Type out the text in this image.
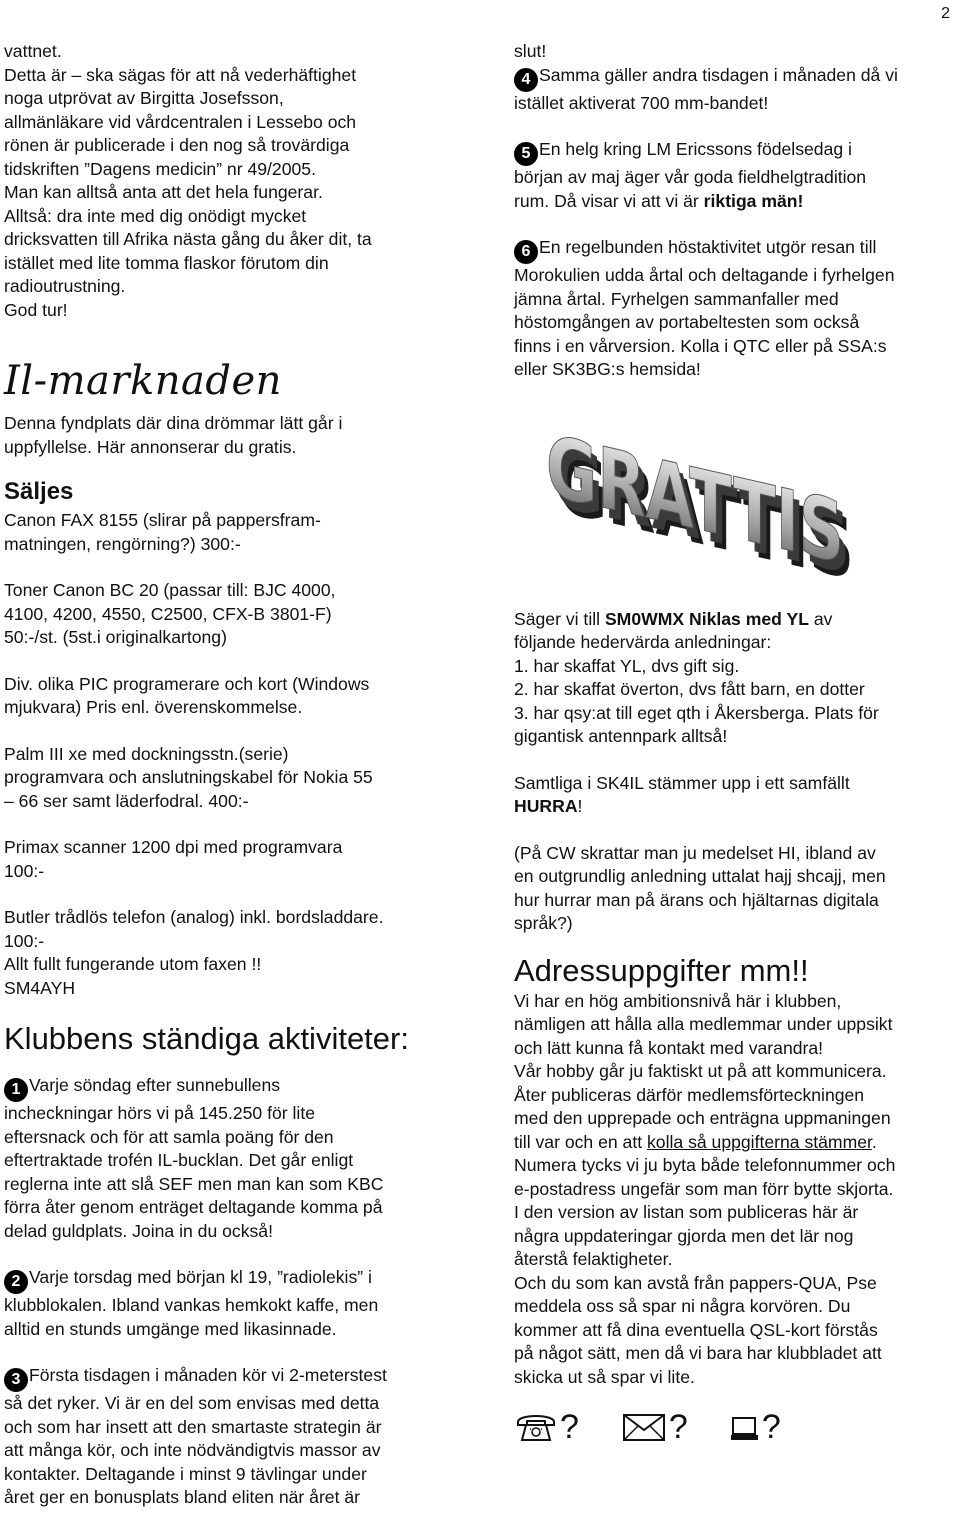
2

vattnet.

Detta är – ska sägas för att nå vederhäftighet

noga utprövat av Birgitta Josefsson,

allmänläkare vid vårdcentralen i Lessebo och

rönen är publicerade i den nog så trovärdiga

tidskriften ”Dagens medicin” nr 49/2005.

Man kan alltså anta att det hela fungerar.

Alltså: dra inte med dig onödigt mycket

dricksvatten till Afrika nästa gång du åker dit, ta

istället med lite tomma flaskor förutom din

radioutrustning.

God tur!

Il-marknaden

Denna fyndplats där dina drömmar lätt går i

uppfyllelse. Här annonserar du gratis.

Säljes

Canon FAX 8155 (slirar på pappersfram-

matningen, rengörning?) 300:-

Toner Canon BC 20 (passar till: BJC 4000,

4100, 4200, 4550, C2500, CFX-B 3801-F)

50:-/st. (5st.i originalkartong)

Div. olika PIC programerare och kort (Windows

mjukvara) Pris enl. överenskommelse.

Palm III xe med dockningsstn.(serie)

programvara och anslutningskabel för Nokia 55

– 66 ser samt läderfodral. 400:-

Primax scanner 1200 dpi med programvara

100:-

Butler trådlös telefon (analog) inkl. bordsladdare.

100:-

Allt fullt fungerande utom faxen !!

SM4AYH

Klubbens ständiga aktiviteter:

1 Varje söndag efter sunnebullens

incheckningar hörs vi på 145.250 för lite

eftersnack och för att samla poäng för den

eftertraktade trofén IL-bucklan. Det går enligt

reglerna inte att slå SEF men man kan som KBC

förra åter genom enträget deltagande komma på

delad guldplats. Joina in du också!

2 Varje torsdag med början kl 19, ”radiolekis” i

klubblokalen. Ibland vankas hemkokt kaffe, men

alltid en stunds umgänge med likasinnade.

3 Första tisdagen i månaden kör vi 2-meterstest

så det ryker. Vi är en del som envisas med detta

och som har insett att den smartaste strategin är

att många kör, och inte nödvändigtvis massor av

kontakter. Deltagande i minst 9 tävlingar under

året ger en bonusplats bland eliten när året är

slut!

4 Samma gäller andra tisdagen i månaden då vi

istället aktiverat 700 mm-bandet!

5 En helg kring LM Ericssons födelsedag i

början av maj äger vår goda fieldhelgtradition

rum. Då visar vi att vi är riktiga män!

6 En regelbunden höstaktivitet utgör resan till

Morokulien udda årtal och deltagande i fyrhelgen

jämna årtal. Fyrhelgen sammanfaller med

höstomgången av portabeltesten som också

finns i en vårversion. Kolla i QTC eller på SSA:s

eller SK3BG:s hemsida!

GRATTIS
GRATTIS
GRATTIS

Säger vi till SM0WMX Niklas med YL av

följande hedervärda anledningar:

1. har skaffat YL, dvs gift sig.

2. har skaffat överton, dvs fått barn, en dotter

3. har qsy:at till eget qth i Åkersberga. Plats för

gigantisk antennpark alltså!

Samtliga i SK4IL stämmer upp i ett samfällt

HURRA!

(På CW skrattar man ju medelset HI, ibland av

en outgrundlig anledning uttalat hajj shcajj, men

hur hurrar man på ärans och hjältarnas digitala

språk?)

Adressuppgifter mm!!

Vi har en hög ambitionsnivå här i klubben,

nämligen att hålla alla medlemmar under uppsikt

och lätt kunna få kontakt med varandra!

Vår hobby går ju faktiskt ut på att kommunicera.

Åter publiceras därför medlemsförteckningen

med den upprepade och enträgna uppmaningen

till var och en att kolla så uppgifterna stämmer.

Numera tycks vi ju byta både telefonnummer och

e-postadress ungefär som man förr bytte skjorta.

I den version av listan som publiceras här är

några uppdateringar gjorda men det lär nog

återstå felaktigheter.

Och du som kan avstå från pappers-QUA, Pse

meddela oss så spar ni några korvören. Du

kommer att få dina eventuella QSL-kort förstås

på något sätt, men då vi bara har klubbladet att

skicka ut så spar vi lite.

?	? ?
